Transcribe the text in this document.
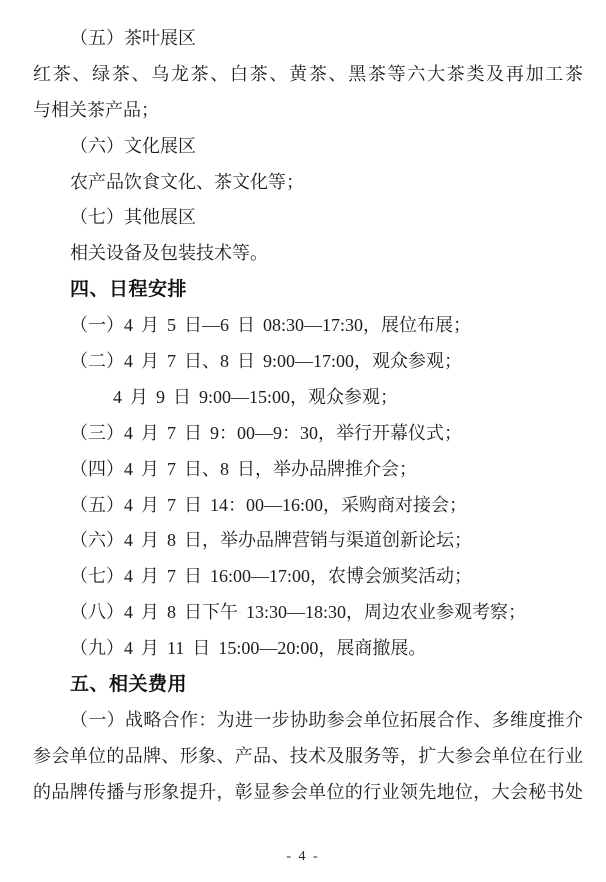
（五）茶叶展区
红茶、绿茶、乌龙茶、白茶、黄茶、黑茶等六大茶类及再加工茶
与相关茶产品；
（六）文化展区
农产品饮食文化、茶文化等；
（七）其他展区
相关设备及包装技术等。
四、日程安排
（一）4 月 5 日—6 日 08:30—17:30，展位布展；
（二）4 月 7 日、8 日 9:00—17:00，观众参观；
4 月 9 日 9:00—15:00，观众参观；
（三）4 月 7 日 9：00—9：30，举行开幕仪式；
（四）4 月 7 日、8 日，举办品牌推介会；
（五）4 月 7 日 14：00—16:00，采购商对接会；
（六）4 月 8 日，举办品牌营销与渠道创新论坛；
（七）4 月 7 日 16:00—17:00，农博会颁奖活动；
（八）4 月 8 日下午 13:30—18:30，周边农业参观考察；
（九）4 月 11 日 15:00—20:00，展商撤展。
五、相关费用
（一）战略合作：为进一步协助参会单位拓展合作、多维度推介
参会单位的品牌、形象、产品、技术及服务等，扩大参会单位在行业
的品牌传播与形象提升，彰显参会单位的行业领先地位，大会秘书处
- 4 -
